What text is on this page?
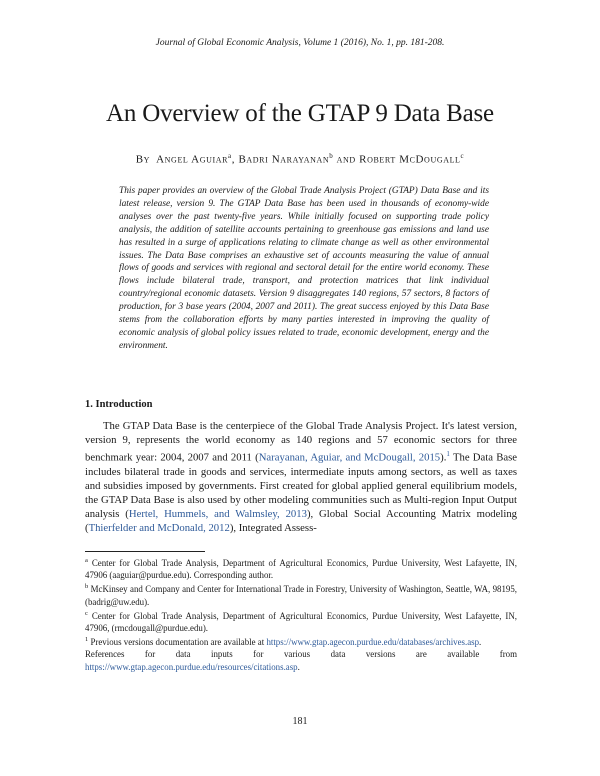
Journal of Global Economic Analysis, Volume 1 (2016), No. 1, pp. 181-208.
An Overview of the GTAP 9 Data Base
By Angel Aguiar$^a$, Badri Narayanan$^b$ and Robert McDougall$^c$

This paper provides an overview of the Global Trade Analysis Project (GTAP) Data Base and its latest release, version 9. The GTAP Data Base has been used in thousands of economy-wide analyses over the past twenty-five years. While initially focused on supporting trade policy analysis, the addition of satellite accounts pertaining to greenhouse gas emissions and land use has resulted in a surge of applications relating to climate change as well as other environmental issues. The Data Base comprises an exhaustive set of accounts measuring the value of annual flows of goods and services with regional and sectoral detail for the entire world economy. These flows include bilateral trade, transport, and protection matrices that link individual country/regional economic datasets. Version 9 disaggregates 140 regions, 57 sectors, 8 factors of production, for 3 base years (2004, 2007 and 2011). The great success enjoyed by this Data Base stems from the collaboration efforts by many parties interested in improving the quality of economic analysis of global policy issues related to trade, economic development, energy and the environment.

1. Introduction

The GTAP Data Base is the centerpiece of the Global Trade Analysis Project. It's latest version, version 9, represents the world economy as 140 regions and 57 economic sectors for three benchmark year: 2004, 2007 and 2011 (Narayanan, Aguiar, and McDougall, 2015).$^1$ The Data Base includes bilateral trade in goods and services, intermediate inputs among sectors, as well as taxes and subsidies imposed by governments. First created for global applied general equilibrium models, the GTAP Data Base is also used by other modeling communities such as Multi-region Input Output analysis (Hertel, Hummels, and Walmsley, 2013), Global Social Accounting Matrix modeling (Thierfelder and McDonald, 2012), Integrated Assess-

$^a$ Center for Global Trade Analysis, Department of Agricultural Economics, Purdue University, West Lafayette, IN, 47906 (aaguiar@purdue.edu). Corresponding author.

$^b$ McKinsey and Company and Center for International Trade in Forestry, University of Washington, Seattle, WA, 98195, (badrig@uw.edu).

$^c$ Center for Global Trade Analysis, Department of Agricultural Economics, Purdue University, West Lafayette, IN, 47906, (rmcdougall@purdue.edu).

$^1$ Previous versions documentation are available at https://www.gtap.agecon.purdue.edu/databases/archives.asp.

References for data inputs for various data versions are available from https://www.gtap.agecon.purdue.edu/resources/citations.asp.

181
